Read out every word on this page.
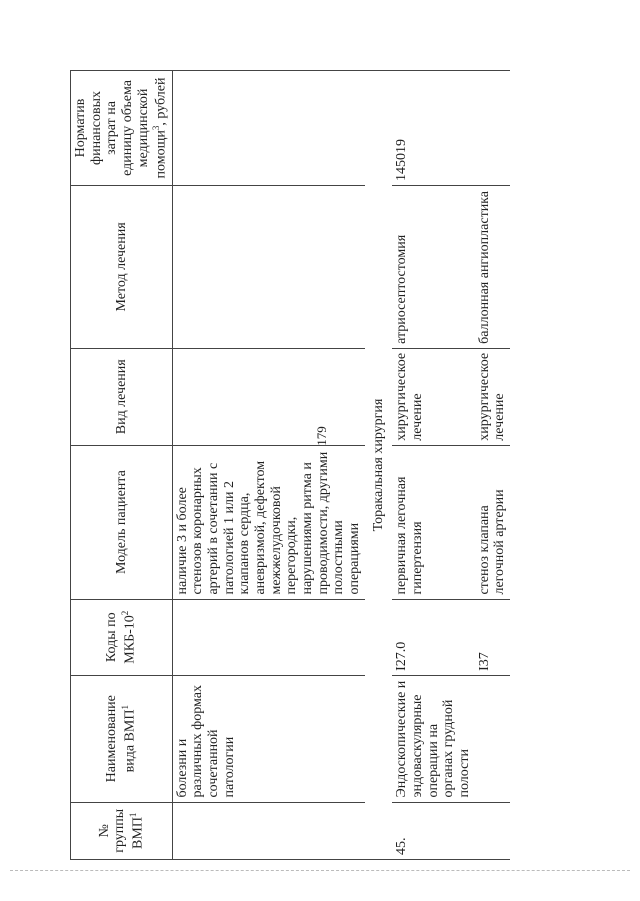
179
№ группы ВМП$^1$	Наименование вида ВМП$^1$	Коды по МКБ-$10^2$	Модель пациента	Вид лечения	Метод лечения	Норматив финансовых затрат на единицу объема медицинской помощи$^3$, рублей
	болезни и различных формах сочетанной патологии		наличие 3 и более стенозов коронарных артерий в сочетании с патологией 1 или 2 клапанов сердца, аневризмой, дефектом межжелудочковой перегородки, нарушениями ритма и проводимости, другими полостными операциями			
Торакальная хирургия						
45.	Эндоскопические и эндоваскулярные операции на органах грудной полости	I27.0	первичная легочная гипертензия	хирургическое лечение	атриосептостомия	145019
		I37	стеноз клапана легочной артерии	хирургическое лечение	баллонная ангиопластика	
